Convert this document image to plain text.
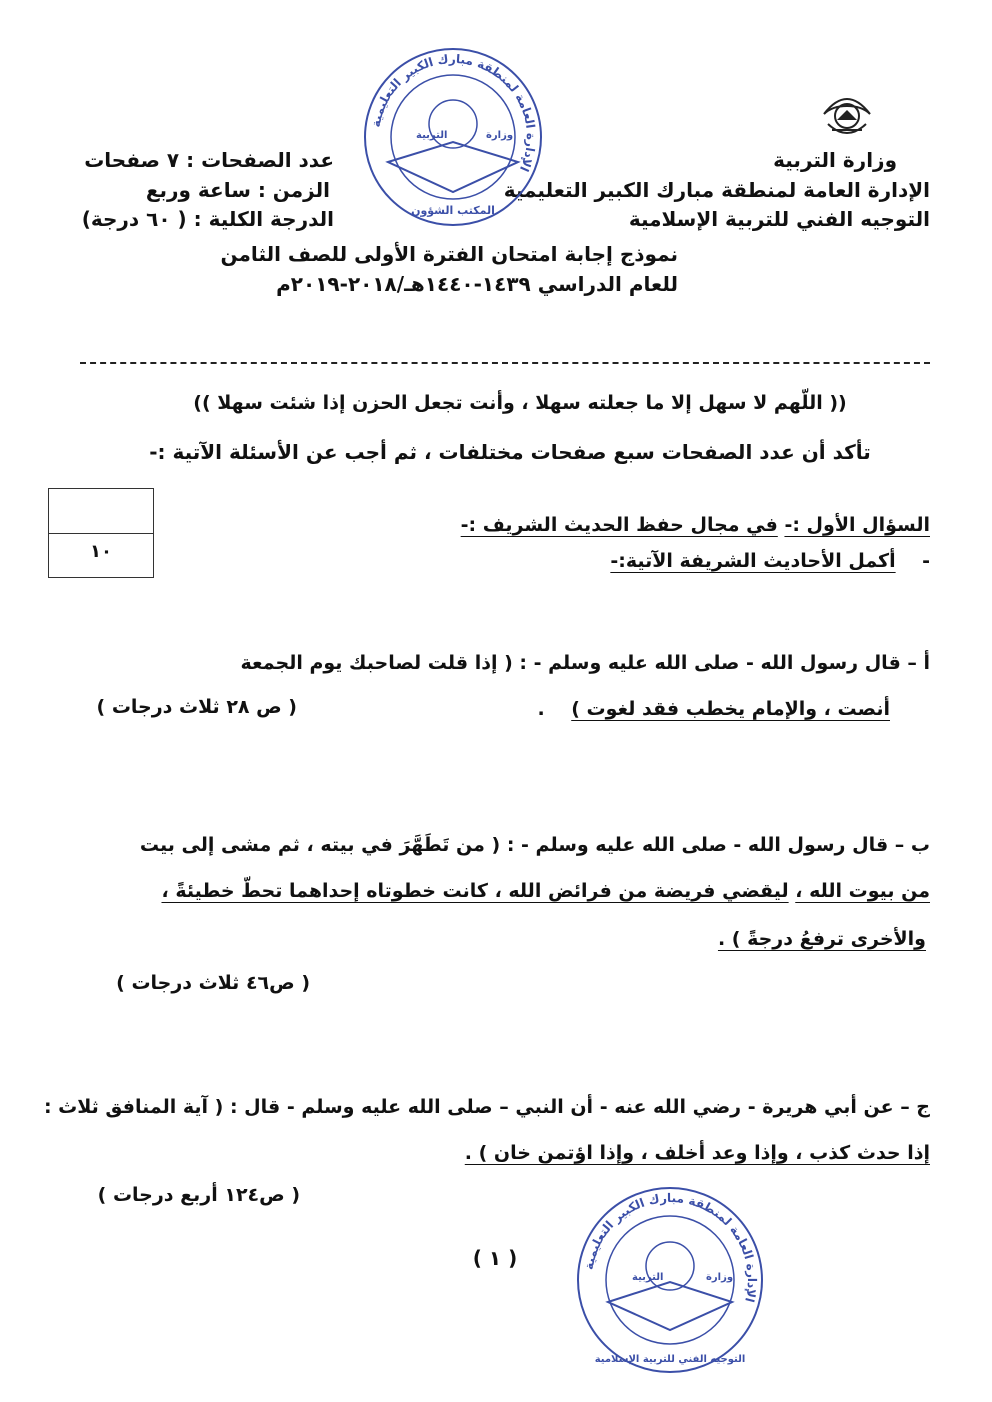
وزارة التربية
الإدارة العامة لمنطقة مبارك الكبير التعليمية
التوجيه الفني للتربية الإسلامية
عدد الصفحات : ٧ صفحات
الزمن : ساعة وربع
الدرجة الكلية : ( ٦٠ درجة)
نموذج إجابة امتحان الفترة الأولى للصف الثامن
للعام الدراسي ١٤٣٩-١٤٤٠هـ/٢٠١٨-٢٠١٩م
الإدارة العامة لمنطقة مبارك الكبير التعليمية
التربية	وزارة
المكتب الشؤون
(( اللّهم لا سهل إلا ما جعلته سهلا ، وأنت تجعل الحزن إذا شئت سهلا ))
تأكد أن عدد الصفحات سبع صفحات مختلفات ، ثم أجب عن الأسئلة الآتية :-
١٠
السؤال الأول :- في مجال حفظ الحديث الشريف :-
-    أكمل الأحاديث الشريفة الآتية:-
أ – قال رسول الله - صلى الله عليه وسلم - : ( إذا قلت لصاحبك يوم الجمعة
أنصت ، والإمام يخطب فقد لغوت )    .
( ص ٢٨ ثلاث درجات )
ب – قال رسول الله - صلى الله عليه وسلم - : ( من تَطَهَّرَ في بيته ، ثم مشى إلى بيت
من بيوت الله ، ليقضي فريضة من فرائض الله ، كانت خطوتاه إحداهما تحطّ خطيئةً ،
والأخرى ترفعُ درجةً ) .
( ص٤٦ ثلاث درجات )
ج – عن أبي هريرة - رضي الله عنه - أن النبي – صلى الله عليه وسلم - قال : ( آية المنافق ثلاث :
إذا حدث كذب ، وإذا وعد أخلف ، وإذا اؤتمن خان ) .
( ص١٢٤ أربع درجات )
( ١ )	الإدارة العامة لمنطقة مبارك الكبير التعليمية
التربية	وزارة
التوجيه الفني للتربية الإسلامية
